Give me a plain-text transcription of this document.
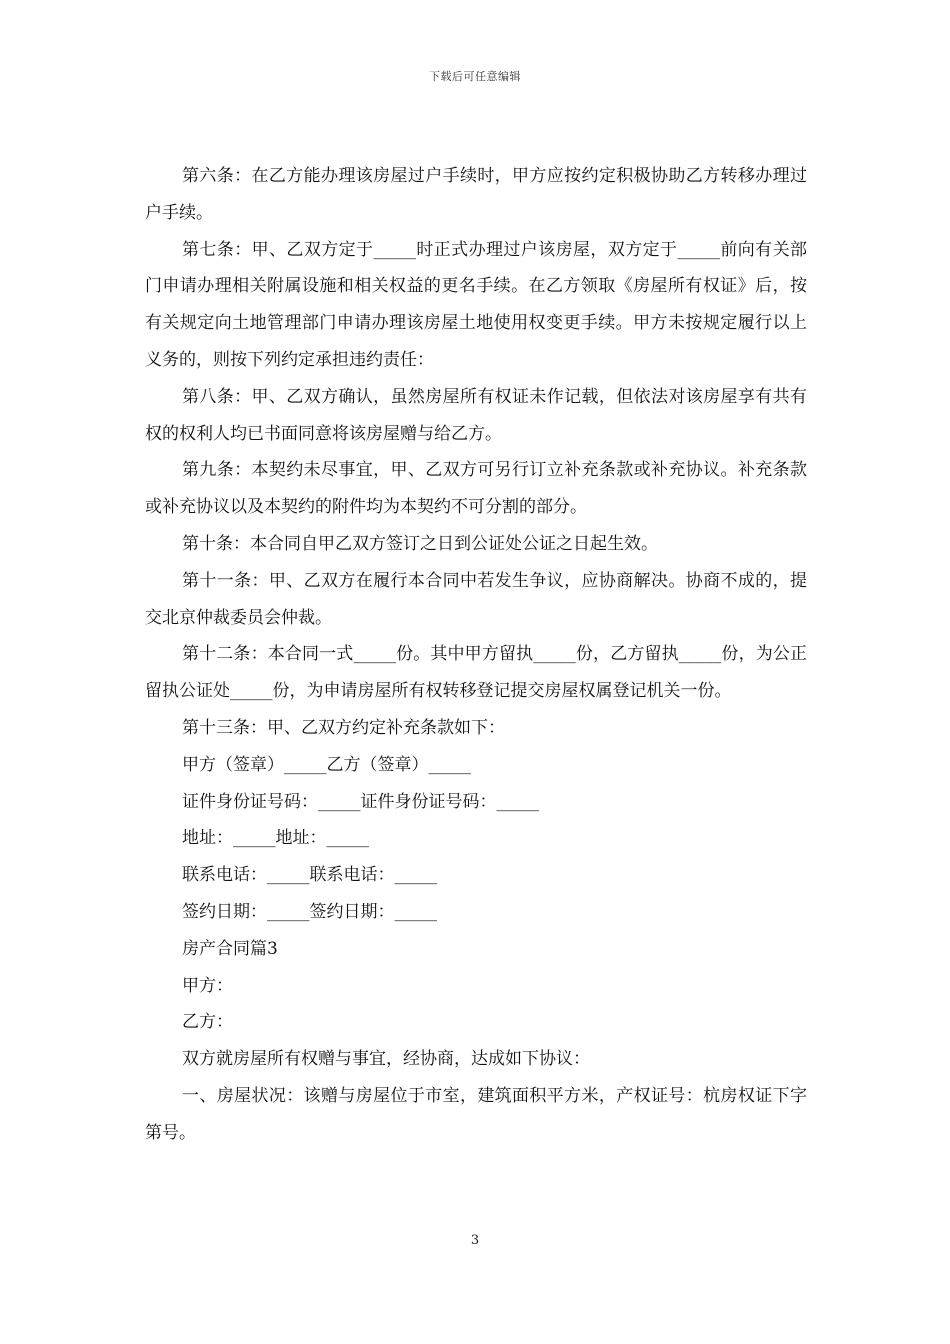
下载后可任意编辑

第六条：在乙方能办理该房屋过户手续时，甲方应按约定积极协助乙方转移办理过户手续。

第七条：甲、乙双方定于_____时正式办理过户该房屋，双方定于_____前向有关部门申请办理相关附属设施和相关权益的更名手续。在乙方领取《房屋所有权证》后，按有关规定向土地管理部门申请办理该房屋土地使用权变更手续。甲方未按规定履行以上义务的，则按下列约定承担违约责任：

第八条：甲、乙双方确认，虽然房屋所有权证未作记载，但依法对该房屋享有共有权的权利人均已书面同意将该房屋赠与给乙方。

第九条：本契约未尽事宜，甲、乙双方可另行订立补充条款或补充协议。补充条款或补充协议以及本契约的附件均为本契约不可分割的部分。

第十条：本合同自甲乙双方签订之日到公证处公证之日起生效。

第十一条：甲、乙双方在履行本合同中若发生争议，应协商解决。协商不成的，提交北京仲裁委员会仲裁。

第十二条：本合同一式_____份。其中甲方留执_____份，乙方留执_____份，为公正留执公证处_____份，为申请房屋所有权转移登记提交房屋权属登记机关一份。

第十三条：甲、乙双方约定补充条款如下：

甲方（签章）_____乙方（签章）_____

证件身份证号码：_____证件身份证号码：_____

地址：_____地址：_____

联系电话：_____联系电话：_____

签约日期：_____签约日期：_____

房产合同篇3

甲方：

乙方：

双方就房屋所有权赠与事宜，经协商，达成如下协议：

一、房屋状况：该赠与房屋位于市室，建筑面积平方米，产权证号：杭房权证下字第号。

3
